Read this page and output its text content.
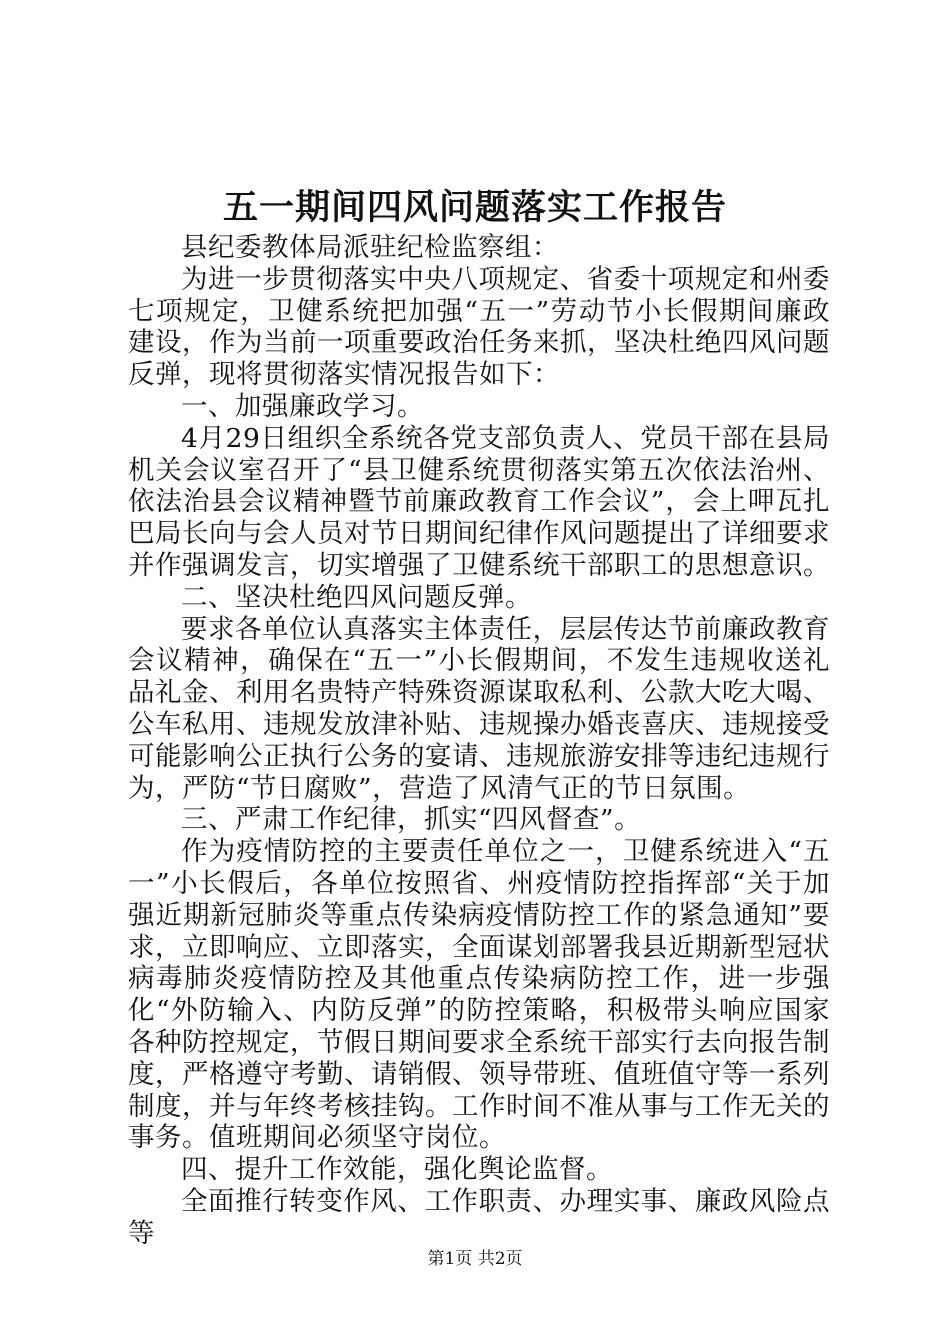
五一期间四风问题落实工作报告

县纪委教体局派驻纪检监察组：

为进一步贯彻落实中央八项规定、省委十项规定和州委七项规定，卫健系统把加强“五一”劳动节小长假期间廉政建设，作为当前一项重要政治任务来抓，坚决杜绝四风问题反弹，现将贯彻落实情况报告如下：

一、加强廉政学习。

4月29日组织全系统各党支部负责人、党员干部在县局机关会议室召开了“县卫健系统贯彻落实第五次依法治州、依法治县会议精神暨节前廉政教育工作会议”，会上呷瓦扎巴局长向与会人员对节日期间纪律作风问题提出了详细要求并作强调发言，切实增强了卫健系统干部职工的思想意识。

二、坚决杜绝四风问题反弹。

要求各单位认真落实主体责任，层层传达节前廉政教育会议精神，确保在“五一”小长假期间，不发生违规收送礼品礼金、利用名贵特产特殊资源谋取私利、公款大吃大喝、公车私用、违规发放津补贴、违规操办婚丧喜庆、违规接受可能影响公正执行公务的宴请、违规旅游安排等违纪违规行为，严防“节日腐败”，营造了风清气正的节日氛围。

三、严肃工作纪律，抓实“四风督查”。

作为疫情防控的主要责任单位之一，卫健系统进入“五一”小长假后，各单位按照省、州疫情防控指挥部“关于加强近期新冠肺炎等重点传染病疫情防控工作的紧急通知”要求，立即响应、立即落实，全面谋划部署我县近期新型冠状病毒肺炎疫情防控及其他重点传染病防控工作，进一步强化“外防输入、内防反弹”的防控策略，积极带头响应国家各种防控规定，节假日期间要求全系统干部实行去向报告制度，严格遵守考勤、请销假、领导带班、值班值守等一系列制度，并与年终考核挂钩。工作时间不准从事与工作无关的事务。值班期间必须坚守岗位。

四、提升工作效能，强化舆论监督。

全面推行转变作风、工作职责、办理实事、廉政风险点等

第1页 共2页
